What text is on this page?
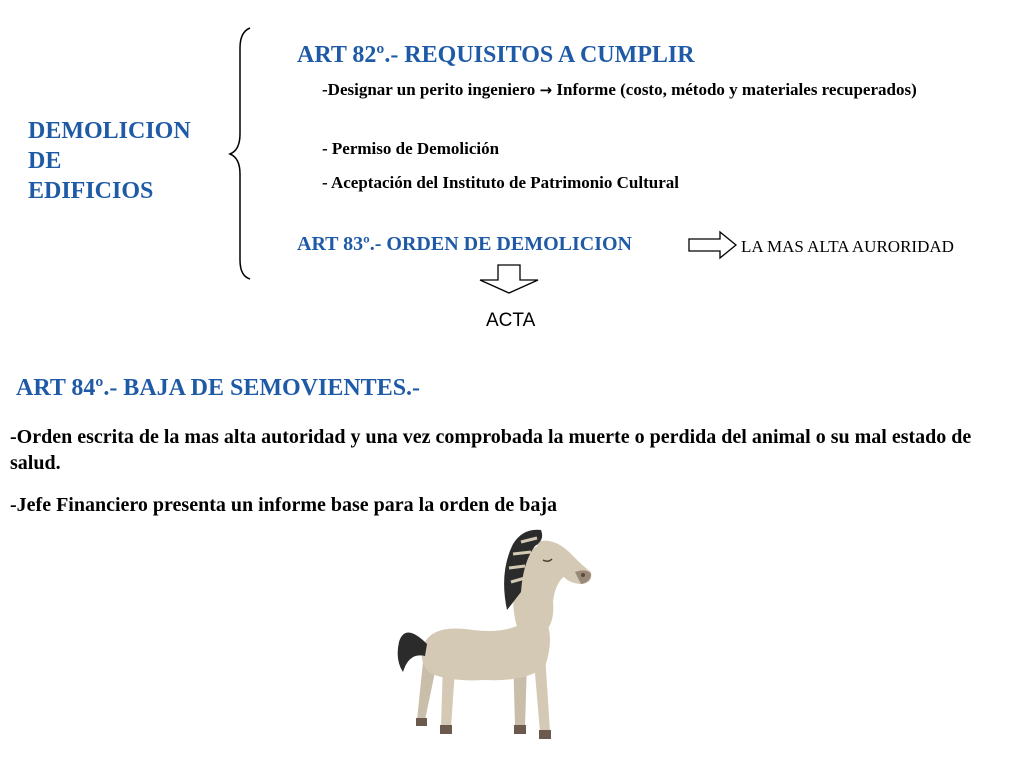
DEMOLICION
DE
EDIFICIOS
ART 82º.- REQUISITOS A CUMPLIR
-Designar un perito ingeniero → Informe (costo, método y materiales recuperados)
- Permiso de Demolición
- Aceptación del Instituto de Patrimonio Cultural
ART 83º.- ORDEN DE DEMOLICION	LA MAS ALTA AURORIDAD
ACTA
ART 84º.- BAJA DE SEMOVIENTES.-
-Orden escrita de la mas alta autoridad y una vez comprobada la muerte o perdida del animal o su mal estado de salud.
-Jefe Financiero presenta un informe base para la orden de baja
